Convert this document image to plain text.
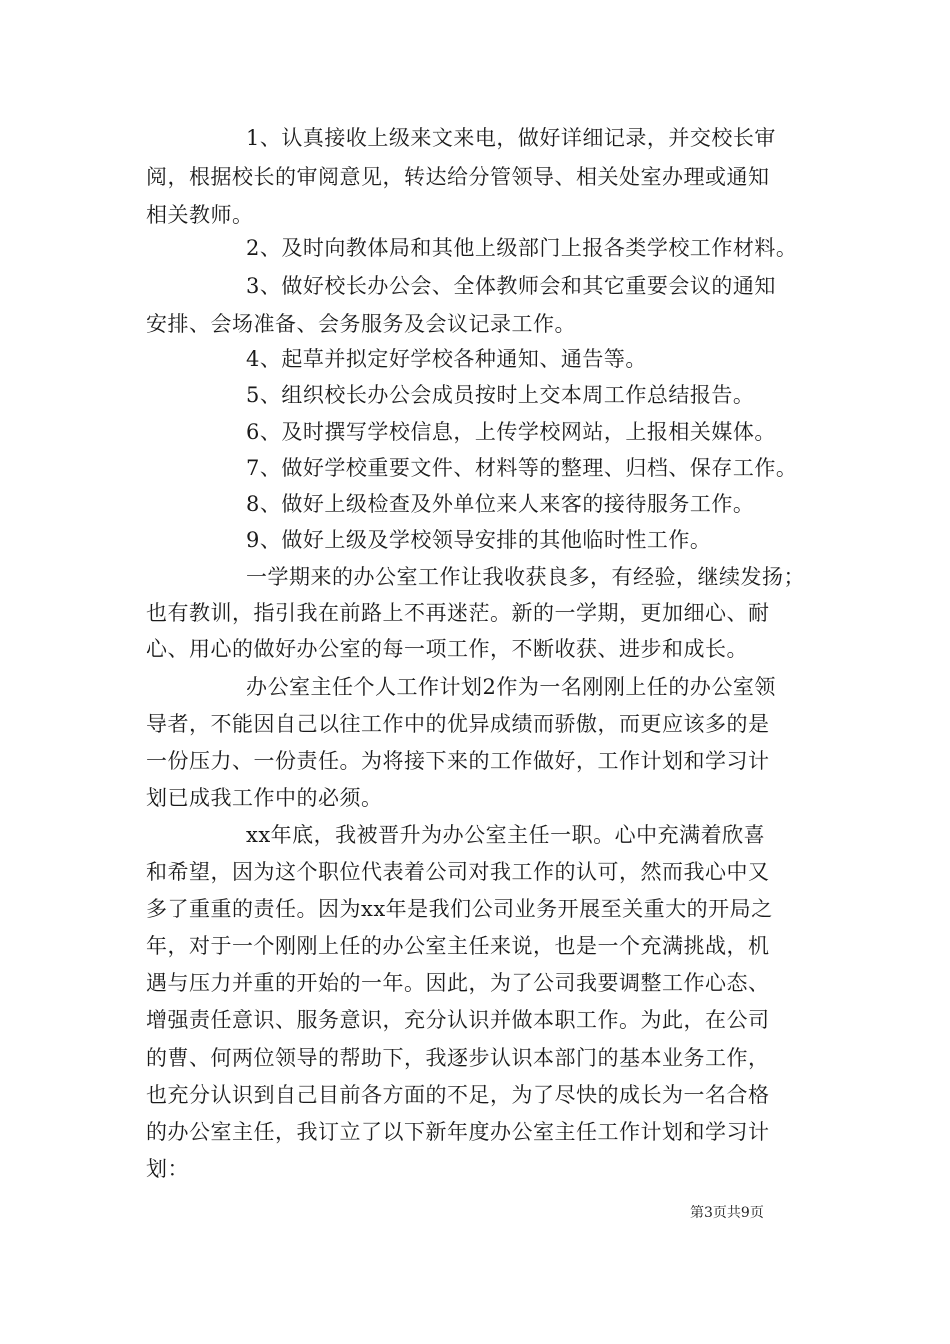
1、认真接收上级来文来电，做好详细记录，并交校长审
阅，根据校长的审阅意见，转达给分管领导、相关处室办理或通知
相关教师。
2、及时向教体局和其他上级部门上报各类学校工作材料。
3、做好校长办公会、全体教师会和其它重要会议的通知
安排、会场准备、会务服务及会议记录工作。
4、起草并拟定好学校各种通知、通告等。
5、组织校长办公会成员按时上交本周工作总结报告。
6、及时撰写学校信息，上传学校网站，上报相关媒体。
7、做好学校重要文件、材料等的整理、归档、保存工作。
8、做好上级检查及外单位来人来客的接待服务工作。
9、做好上级及学校领导安排的其他临时性工作。
一学期来的办公室工作让我收获良多，有经验，继续发扬；
也有教训，指引我在前路上不再迷茫。新的一学期，更加细心、耐
心、用心的做好办公室的每一项工作，不断收获、进步和成长。
办公室主任个人工作计划2作为一名刚刚上任的办公室领
导者，不能因自己以往工作中的优异成绩而骄傲，而更应该多的是
一份压力、一份责任。为将接下来的工作做好，工作计划和学习计
划已成我工作中的必须。
xx年底，我被晋升为办公室主任一职。心中充满着欣喜
和希望，因为这个职位代表着公司对我工作的认可，然而我心中又
多了重重的责任。因为xx年是我们公司业务开展至关重大的开局之
年，对于一个刚刚上任的办公室主任来说，也是一个充满挑战，机
遇与压力并重的开始的一年。因此，为了公司我要调整工作心态、
增强责任意识、服务意识，充分认识并做本职工作。为此，在公司
的曹、何两位领导的帮助下，我逐步认识本部门的基本业务工作，
也充分认识到自己目前各方面的不足，为了尽快的成长为一名合格
的办公室主任，我订立了以下新年度办公室主任工作计划和学习计
划：
第3页共9页
